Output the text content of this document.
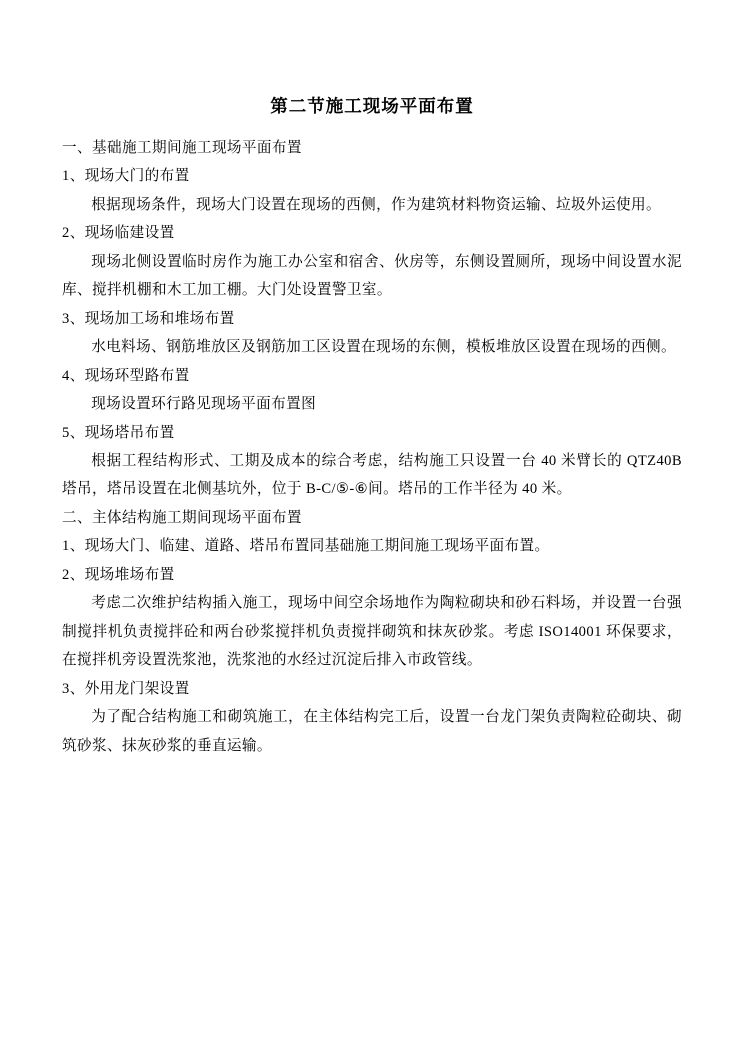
第二节施工现场平面布置

一、基础施工期间施工现场平面布置

1、现场大门的布置

根据现场条件，现场大门设置在现场的西侧，作为建筑材料物资运输、垃圾外运使用。

2、现场临建设置

现场北侧设置临时房作为施工办公室和宿舍、伙房等，东侧设置厕所，现场中间设置水泥库、搅拌机棚和木工加工棚。大门处设置警卫室。

3、现场加工场和堆场布置

水电料场、钢筋堆放区及钢筋加工区设置在现场的东侧，模板堆放区设置在现场的西侧。

4、现场环型路布置

现场设置环行路见现场平面布置图

5、现场塔吊布置

根据工程结构形式、工期及成本的综合考虑，结构施工只设置一台 40 米臂长的 QTZ40B 塔吊，塔吊设置在北侧基坑外，位于 B-C/⑤-⑥间。塔吊的工作半径为 40 米。

二、主体结构施工期间现场平面布置

1、现场大门、临建、道路、塔吊布置同基础施工期间施工现场平面布置。

2、现场堆场布置

考虑二次维护结构插入施工，现场中间空余场地作为陶粒砌块和砂石料场，并设置一台强制搅拌机负责搅拌砼和两台砂浆搅拌机负责搅拌砌筑和抹灰砂浆。考虑 ISO14001 环保要求，在搅拌机旁设置洗浆池，洗浆池的水经过沉淀后排入市政管线。

3、外用龙门架设置

为了配合结构施工和砌筑施工，在主体结构完工后，设置一台龙门架负责陶粒砼砌块、砌筑砂浆、抹灰砂浆的垂直运输。
